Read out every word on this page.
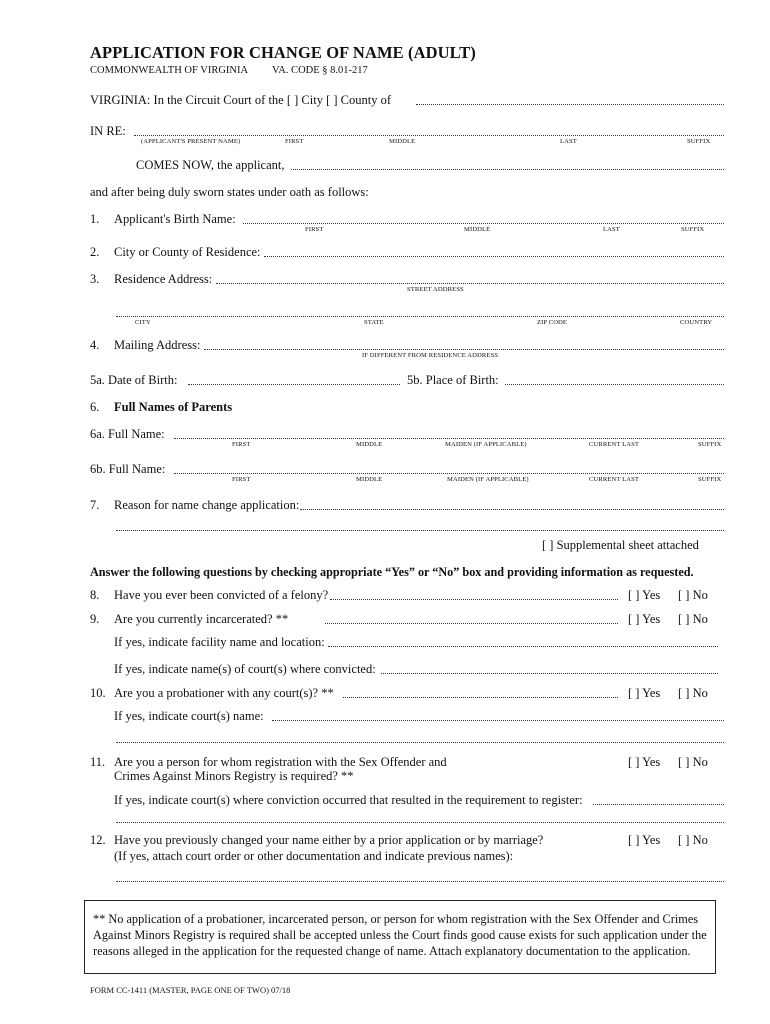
APPLICATION FOR CHANGE OF NAME (ADULT)
COMMONWEALTH OF VIRGINIA VA. CODE § 8.01-217
VIRGINIA: In the Circuit Court of the [ ] City [ ] County of
IN RE:
(APPLICANT'S PRESENT NAME)	FIRST	MIDDLE	LAST	SUFFIX
COMES NOW, the applicant,
and after being duly sworn states under oath as follows:
1. Applicant's Birth Name:
FIRST	MIDDLE	LAST	SUFFIX
2. City or County of Residence:
3. Residence Address:
STREET ADDRESS
CITY	STATE	ZIP CODE	COUNTRY
4. Mailing Address:
IF DIFFERENT FROM RESIDENCE ADDRESS
5a. Date of Birth:	5b. Place of Birth:
6. Full Names of Parents
6a. Full Name:
FIRST	MIDDLE	MAIDEN (IF APPLICABLE)	CURRENT LAST	SUFFIX
6b. Full Name:
FIRST	MIDDLE	MAIDEN (IF APPLICABLE)	CURRENT LAST	SUFFIX
7. Reason for name change application:
[ ] Supplemental sheet attached
Answer the following questions by checking appropriate “Yes” or “No” box and providing information as requested.
8. Have you ever been convicted of a felony?	[ ] Yes [ ] No
9. Are you currently incarcerated? **	[ ] Yes [ ] No
If yes, indicate facility name and location:
If yes, indicate name(s) of court(s) where convicted:
10. Are you a probationer with any court(s)? **	[ ] Yes [ ] No
If yes, indicate court(s) name:
11. Are you a person for whom registration with the Sex Offender and
Crimes Against Minors Registry is required? **
[ ] Yes [ ] No
If yes, indicate court(s) where conviction occurred that resulted in the requirement to register:
12. Have you previously changed your name either by a prior application or by marriage?
(If yes, attach court order or other documentation and indicate previous names):
[ ] Yes [ ] No
** No application of a probationer, incarcerated person, or person for whom registration with the Sex Offender and Crimes Against Minors Registry is required shall be accepted unless the Court finds good cause exists for such application under the reasons alleged in the application for the requested change of name. Attach explanatory documentation to the application.
FORM CC-1411 (MASTER, PAGE ONE OF TWO) 07/18
